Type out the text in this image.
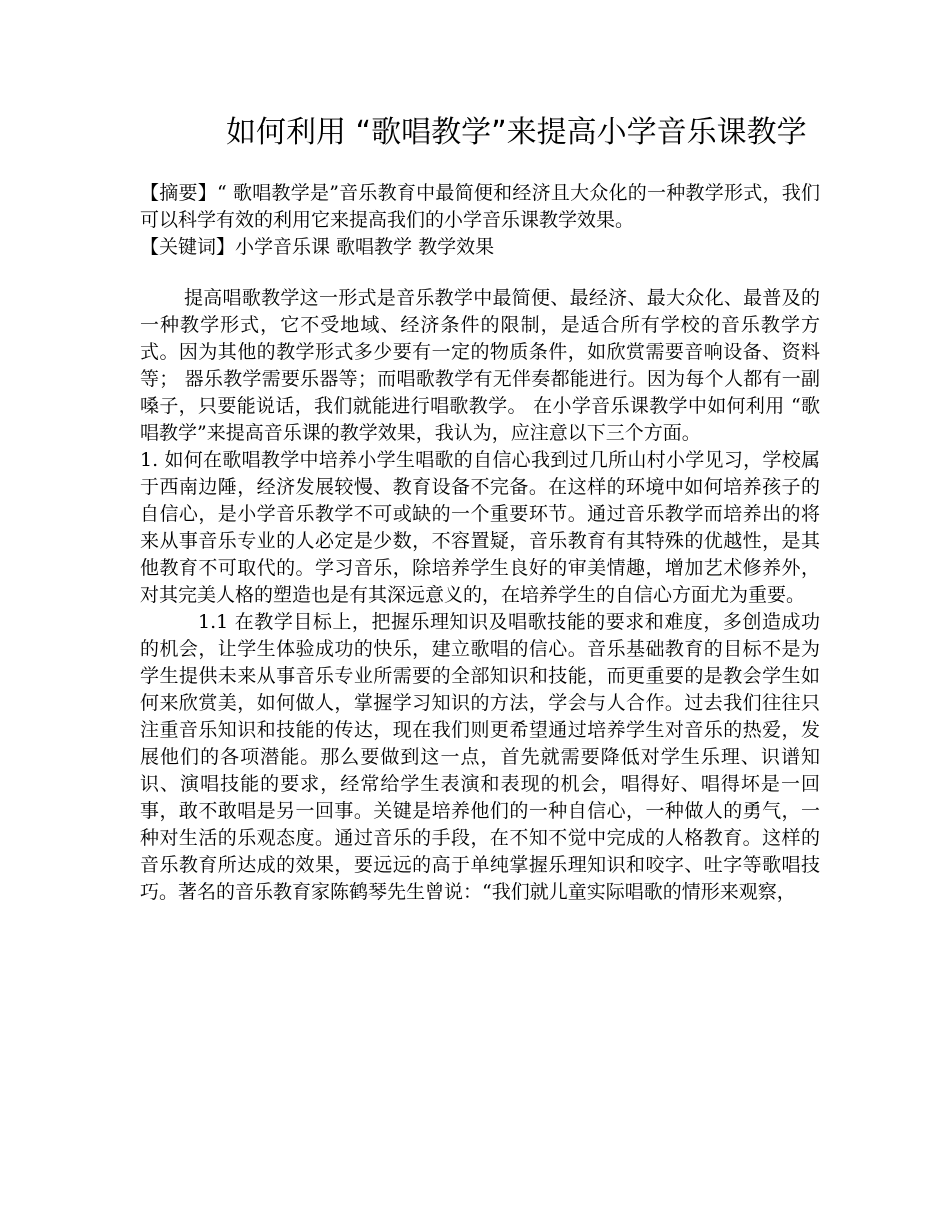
如何利用 “歌唱教学”来提高小学音乐课教学

【摘要】“ 歌唱教学是”音乐教育中最简便和经济且大众化的一种教学形式，我们可以科学有效的利用它来提高我们的小学音乐课教学效果。

【关键词】小学音乐课 歌唱教学 教学效果

提高唱歌教学这一形式是音乐教学中最简便、最经济、最大众化、最普及的一种教学形式，它不受地域、经济条件的限制，是适合所有学校的音乐教学方式。因为其他的教学形式多少要有一定的物质条件，如欣赏需要音响设备、资料等； 器乐教学需要乐器等；而唱歌教学有无伴奏都能进行。因为每个人都有一副嗓子，只要能说话，我们就能进行唱歌教学。 在小学音乐课教学中如何利用 “歌唱教学”来提高音乐课的教学效果，我认为，应注意以下三个方面。

1. 如何在歌唱教学中培养小学生唱歌的自信心我到过几所山村小学见习，学校属于西南边陲，经济发展较慢、教育设备不完备。在这样的环境中如何培养孩子的自信心，是小学音乐教学不可或缺的一个重要环节。通过音乐教学而培养出的将来从事音乐专业的人必定是少数，不容置疑，音乐教育有其特殊的优越性，是其他教育不可取代的。学习音乐，除培养学生良好的审美情趣，增加艺术修养外，对其完美人格的塑造也是有其深远意义的，在培养学生的自信心方面尤为重要。

1.1 在教学目标上，把握乐理知识及唱歌技能的要求和难度，多创造成功的机会，让学生体验成功的快乐，建立歌唱的信心。音乐基础教育的目标不是为学生提供未来从事音乐专业所需要的全部知识和技能，而更重要的是教会学生如何来欣赏美，如何做人，掌握学习知识的方法，学会与人合作。过去我们往往只注重音乐知识和技能的传达，现在我们则更希望通过培养学生对音乐的热爱，发展他们的各项潜能。那么要做到这一点，首先就需要降低对学生乐理、识谱知识、演唱技能的要求，经常给学生表演和表现的机会，唱得好、唱得坏是一回事，敢不敢唱是另一回事。关键是培养他们的一种自信心，一种做人的勇气，一种对生活的乐观态度。通过音乐的手段，在不知不觉中完成的人格教育。这样的音乐教育所达成的效果，要远远的高于单纯掌握乐理知识和咬字、吐字等歌唱技巧。著名的音乐教育家陈鹤琴先生曾说：“我们就儿童实际唱歌的情形来观察，
